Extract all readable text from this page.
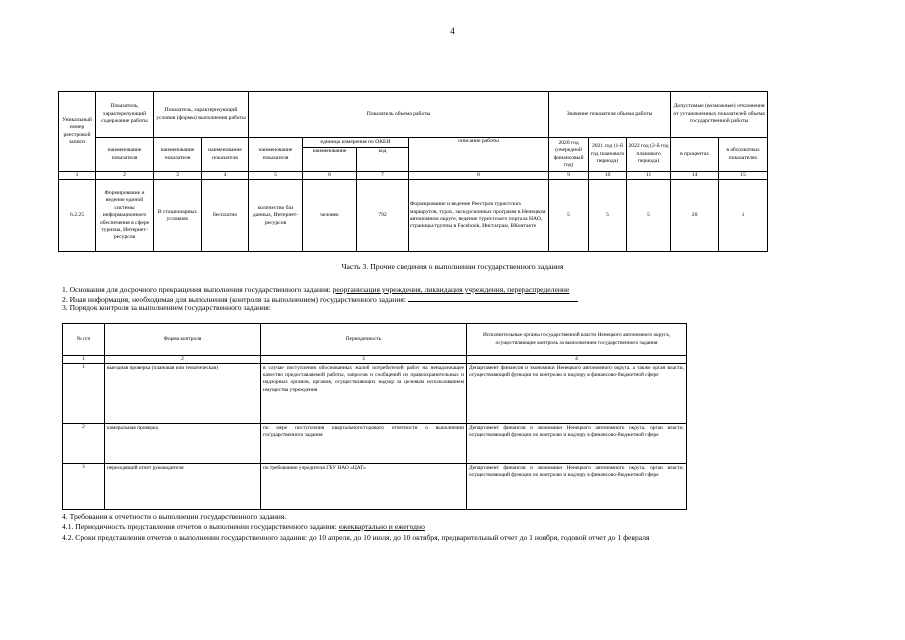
4
Уникальный номер реестровой записи	Показатель, характеризующий содержание работы	Показатель, характеризующий условия (формы) выполнения работы		Показатель объема работы				Значение показателя объема работы			Допустимые (возможные) отклонения от установленных показателей объема государственной работы	
	наименование показателя	наименование показателя	наименование показателя	наименование показателя	единица измерения по ОКЕИ		описание работы	2020 год (очередной финансовый год)	2021 год (1-й год планового периода)	2022 год (2-й год планового периода)	в процентах	в абсолютных показателях
					наименование	код						
1	2	3	4	5	6	7	8	9	10	11	14	15
6.2.25	Формирование и ведение единой системы информационного обеспечения в сфере туризма, Интернет-ресурсов	В стационарных условиях	бесплатно	количество баз данных, Интернет-ресурсов	человек	792	Формирование и ведение Реестров туристских маршрутов, турах, экскурсионных программ в Ненецком автономном округе, ведение туристского портала НАО, страницы/группы в Facebook, Инстаграм, ВКонтакте	5	5	5	20	1
Часть 3. Прочие сведения о выполнении государственного задания
1. Основания для досрочного прекращения выполнения государственного задания: реорганизация учреждения, ликвидация учреждения, перераспределение
2. Иная информация, необходимая для выполнения (контроля за выполнением) государственного задания:
3. Порядок контроля за выполнением государственного задания:
№ п/п	Форма контроля	Периодичность	Исполнительные органы государственной власти Ненецкого автономного округа, осуществляющие контроль за выполнением государственного задания
1	2	3	4
1	выездная проверка (плановая или тематическая)	в случае поступления обоснованных жалоб потребителей работ на ненадлежащее качество предоставляемой работы, запросов и сообщений из правоохранительных и надзорных органов, органов, осуществляющих надзор за целевым использованием имущества учреждения	Департамент финансов и экономики Ненецкого автономного округа, а также орган власти, осуществляющий функции по контролю и надзору в финансово-бюджетной сфере
2	камеральная проверка	по мере поступления квартального/годового отчетности о выполнении государственного задания	Департамент финансов и экономики Ненецкого автономного округа, орган власти, осуществляющий функции по контролю и надзору в финансово-бюджетной сфере
3	переходящий отчет руководителя	по требованию учредителя ГБУ НАО «ЦАТ»	Департамент финансов и экономики Ненецкого автономного округа, орган власти, осуществляющий функции по контролю и надзору в финансово-бюджетной сфере
4. Требования к отчетности о выполнении государственного задания.
4.1. Периодичность представления отчетов о выполнении государственного задания: ежеквартально и ежегодно
4.2. Сроки представления отчетов о выполнении государственного задания: до 10 апреля, до 10 июля, до 10 октября, предварительный отчет до 1 ноября, годовой отчет до 1 февраля
